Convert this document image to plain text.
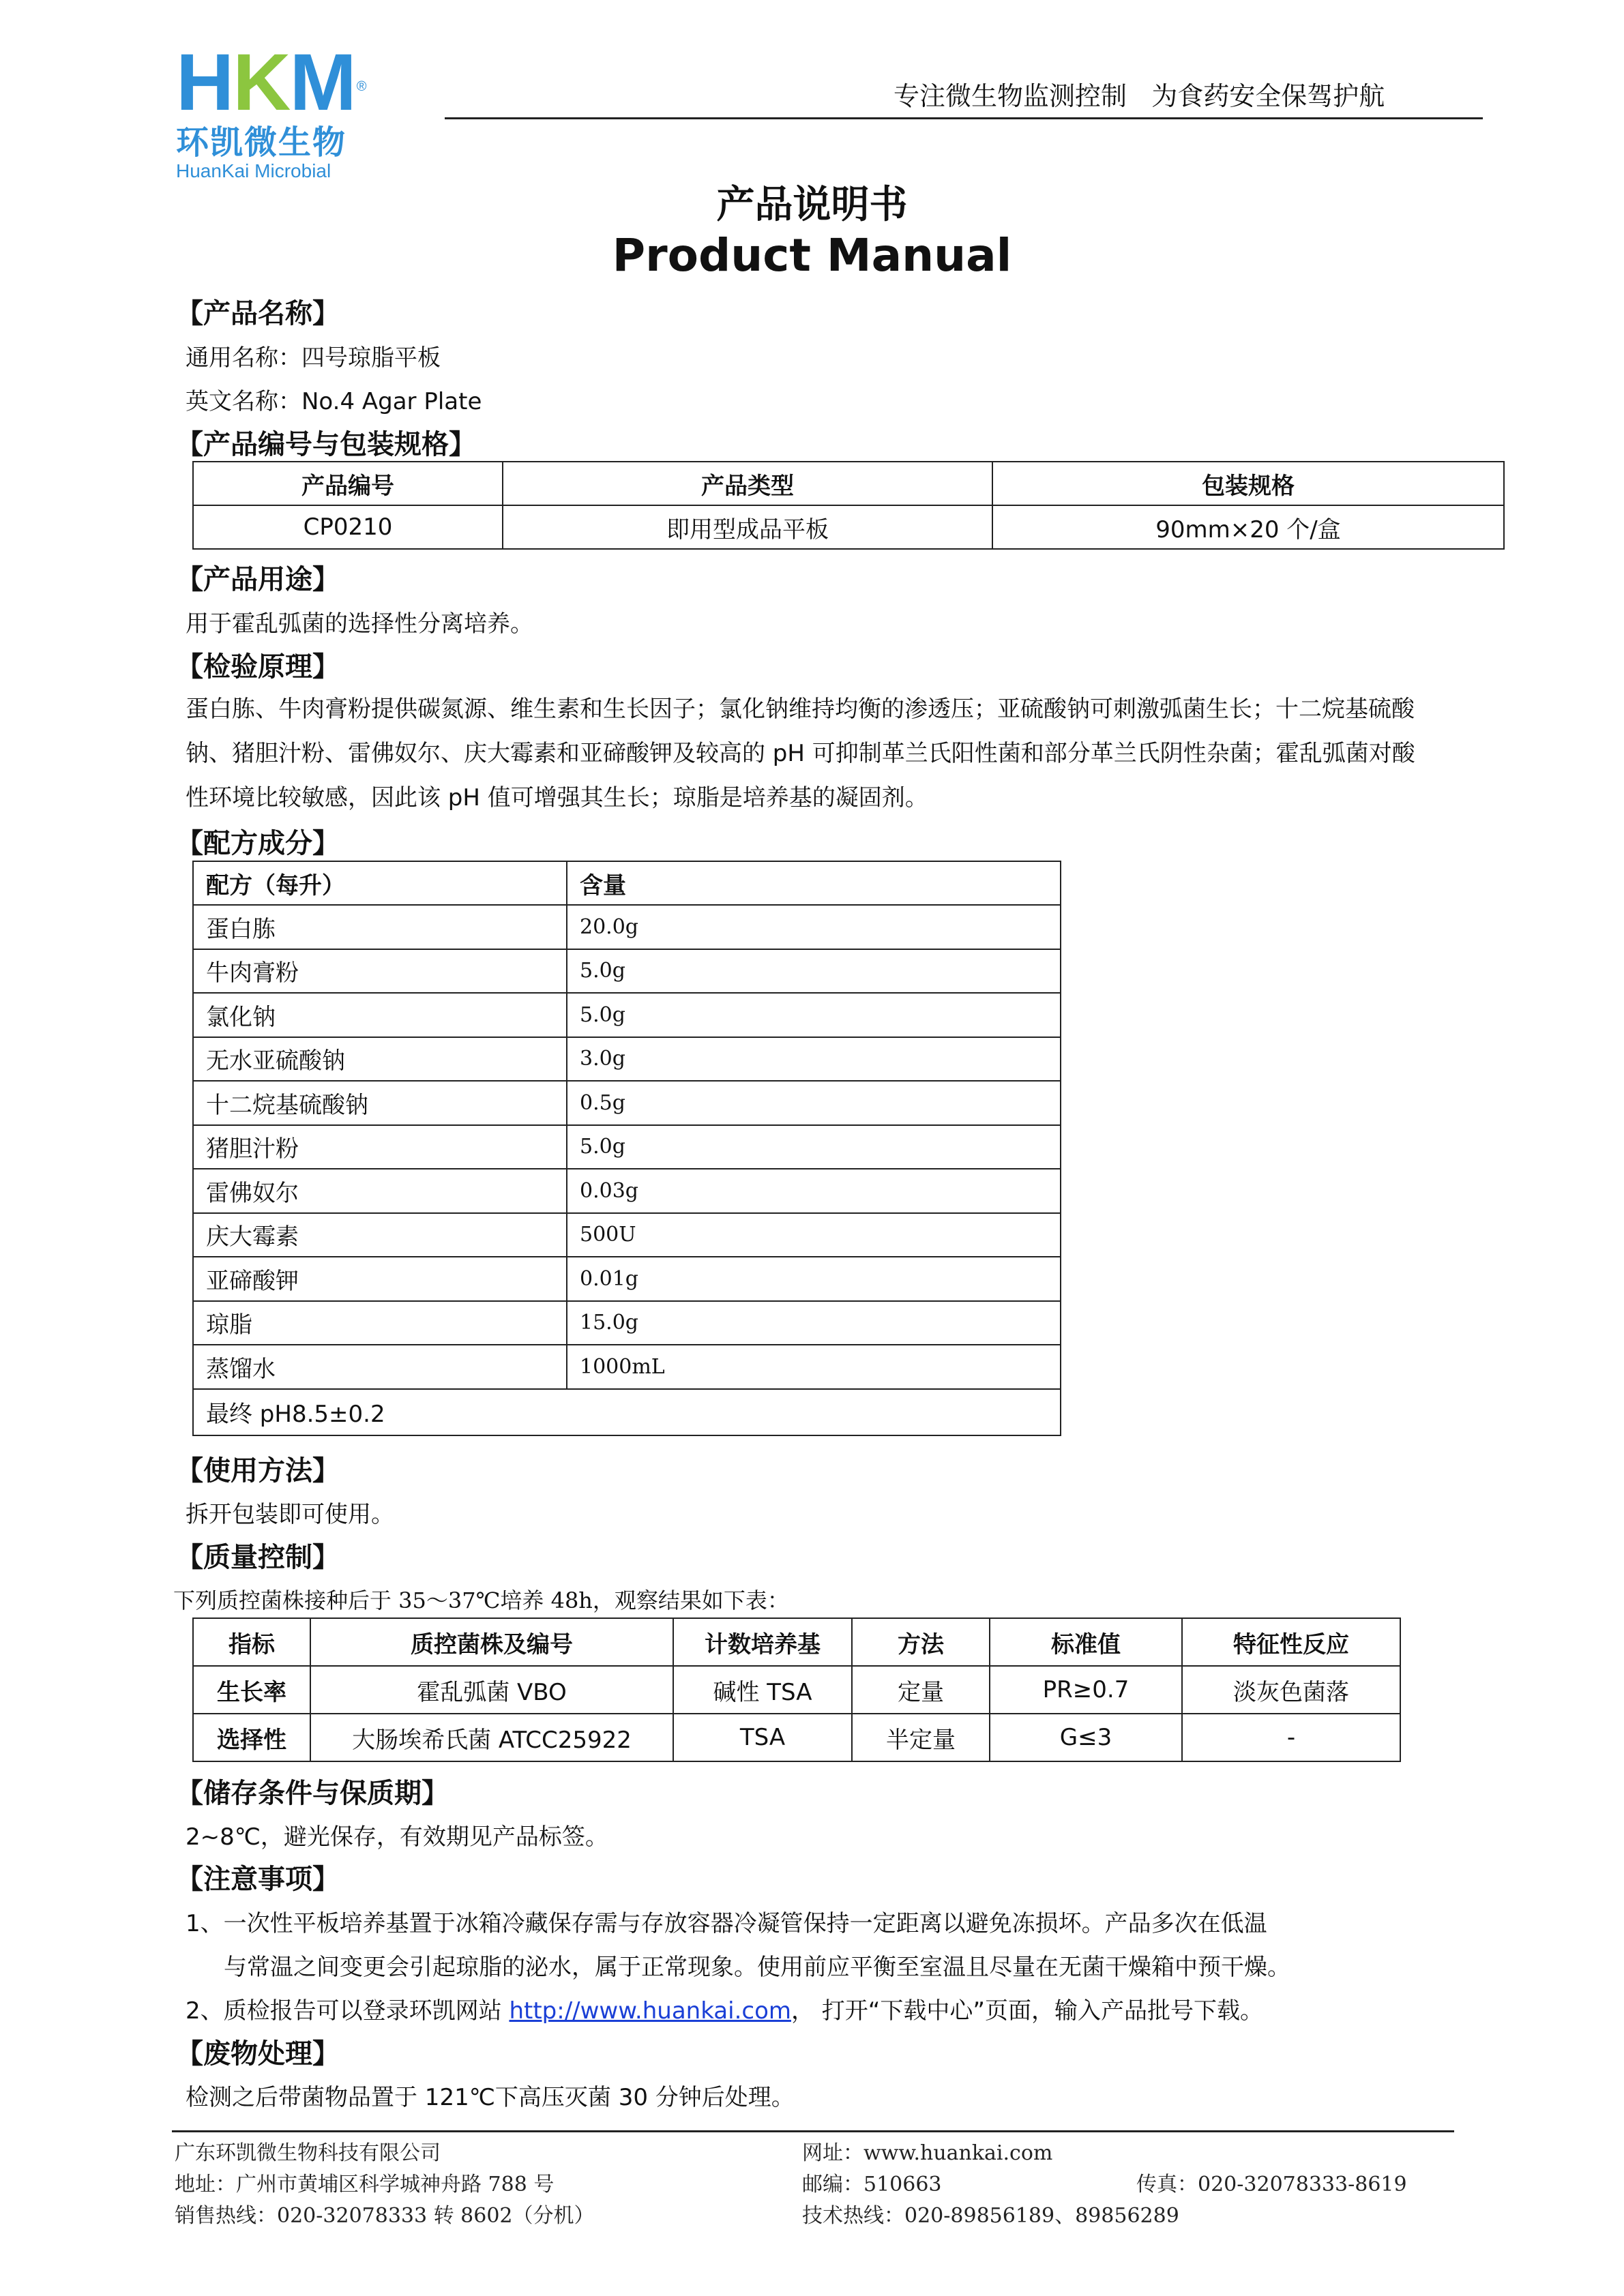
H K M ®
环凯微生物
HuanKai Microbial
专注微生物监测控制   为食药安全保驾护航
产品说明书
Product Manual
【产品名称】
通用名称：四号琼脂平板
英文名称：No.4 Agar Plate
【产品编号与包装规格】
产品编号	产品类型	包装规格
CP0210	即用型成品平板	90mm×20 个/盒
【产品用途】
用于霍乱弧菌的选择性分离培养。
【检验原理】
蛋白胨、牛肉膏粉提供碳氮源、维生素和生长因子；氯化钠维持均衡的渗透压；亚硫酸钠可刺激弧菌生长；十二烷基硫酸
钠、猪胆汁粉、雷佛奴尔、庆大霉素和亚碲酸钾及较高的 pH 可抑制革兰氏阳性菌和部分革兰氏阴性杂菌；霍乱弧菌对酸
性环境比较敏感，因此该 pH 值可增强其生长；琼脂是培养基的凝固剂。
【配方成分】
配方（每升）	含量
蛋白胨	20.0g
牛肉膏粉	5.0g
氯化钠	5.0g
无水亚硫酸钠	3.0g
十二烷基硫酸钠	0.5g
猪胆汁粉	5.0g
雷佛奴尔	0.03g
庆大霉素	500U
亚碲酸钾	0.01g
琼脂	15.0g
蒸馏水	1000mL
最终 pH8.5±0.2	
【使用方法】
拆开包装即可使用。
【质量控制】
下列质控菌株接种后于 35～37℃培养 48h，观察结果如下表：
指标	质控菌株及编号	计数培养基	方法	标准值	特征性反应
生长率	霍乱弧菌 VBO	碱性 TSA	定量	PR≥0.7	淡灰色菌落
选择性	大肠埃希氏菌 ATCC25922	TSA	半定量	G≤3	-
【储存条件与保质期】
2~8℃，避光保存，有效期见产品标签。
【注意事项】
1、一次性平板培养基置于冰箱冷藏保存需与存放容器冷凝管保持一定距离以避免冻损坏。产品多次在低温
与常温之间变更会引起琼脂的泌水，属于正常现象。使用前应平衡至室温且尽量在无菌干燥箱中预干燥。
2、质检报告可以登录环凯网站 http://www.huankai.com， 打开“下载中心”页面，输入产品批号下载。
【废物处理】
检测之后带菌物品置于 121℃下高压灭菌 30 分钟后处理。
广东环凯微生物科技有限公司
地址：广州市黄埔区科学城神舟路 788 号
销售热线：020-32078333 转 8602（分机）
网址：www.huankai.com
邮编：510663
技术热线：020-89856189、89856289
传真：020-32078333-8619
